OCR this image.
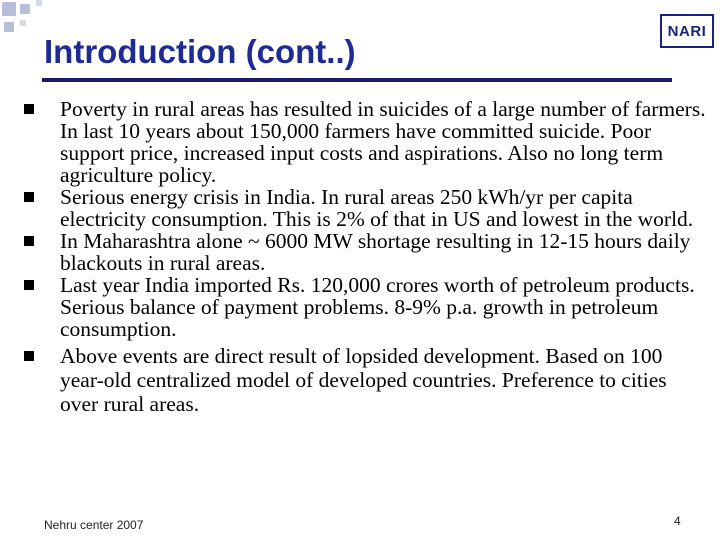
NARI
Introduction (cont..)
Poverty in rural areas has resulted in suicides of a large number of farmers. In last 10 years about 150,000 farmers have committed suicide. Poor support price, increased input costs and aspirations. Also no long term agriculture policy.
Serious energy crisis in India. In rural areas 250 kWh/yr per capita electricity consumption. This is 2% of that in US and lowest in the world.
In Maharashtra alone ~ 6000 MW shortage resulting in 12-15 hours daily blackouts in rural areas.
Last year India imported Rs. 120,000 crores worth of petroleum products. Serious balance of payment problems. 8-9% p.a. growth in petroleum consumption.
Above events are direct result of lopsided development. Based on 100 year-old centralized model of developed countries. Preference to cities over rural areas.
Nehru center 2007	4
